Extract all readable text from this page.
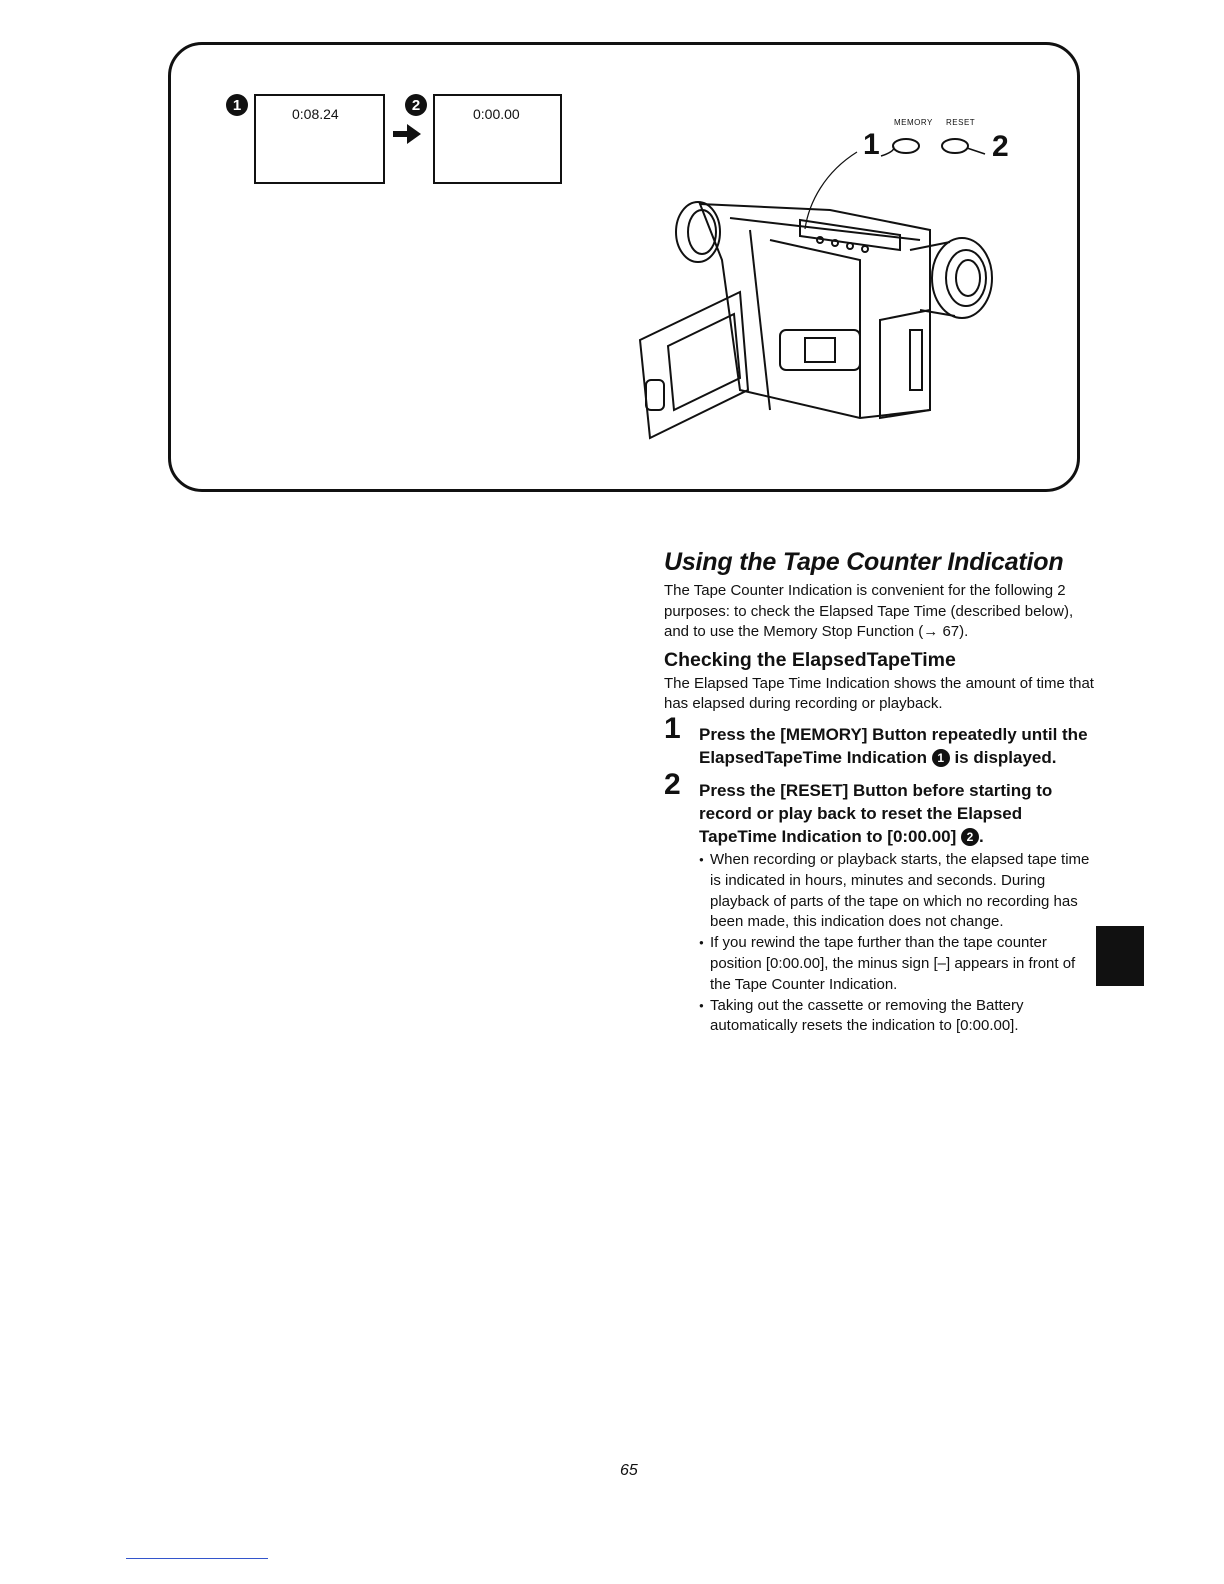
1
0:08.24
2
0:00.00
MEMORY RESET
1	2
Using the Tape Counter Indication

The Tape Counter Indication is convenient for the following 2 purposes: to check the Elapsed Tape Time (described below), and to use the Memory Stop Function (→ 67).

Checking the ElapsedTapeTime

The Elapsed Tape Time Indication shows the amount of time that has elapsed during recording or playback.

1 Press the [MEMORY] Button repeatedly until the ElapsedTapeTime Indication 1 is displayed.
2 Press the [RESET] Button before starting to record or play back to reset the Elapsed TapeTime Indication to [0:00.00] 2 .
● When recording or playback starts, the elapsed tape time is indicated in hours, minutes and seconds. During playback of parts of the tape on which no recording has been made, this indication does not change.
● If you rewind the tape further than the tape counter position [0:00.00], the minus sign [–] appears in front of the Tape Counter Indication.
● Taking out the cassette or removing the Battery automatically resets the indication to [0:00.00].
65
